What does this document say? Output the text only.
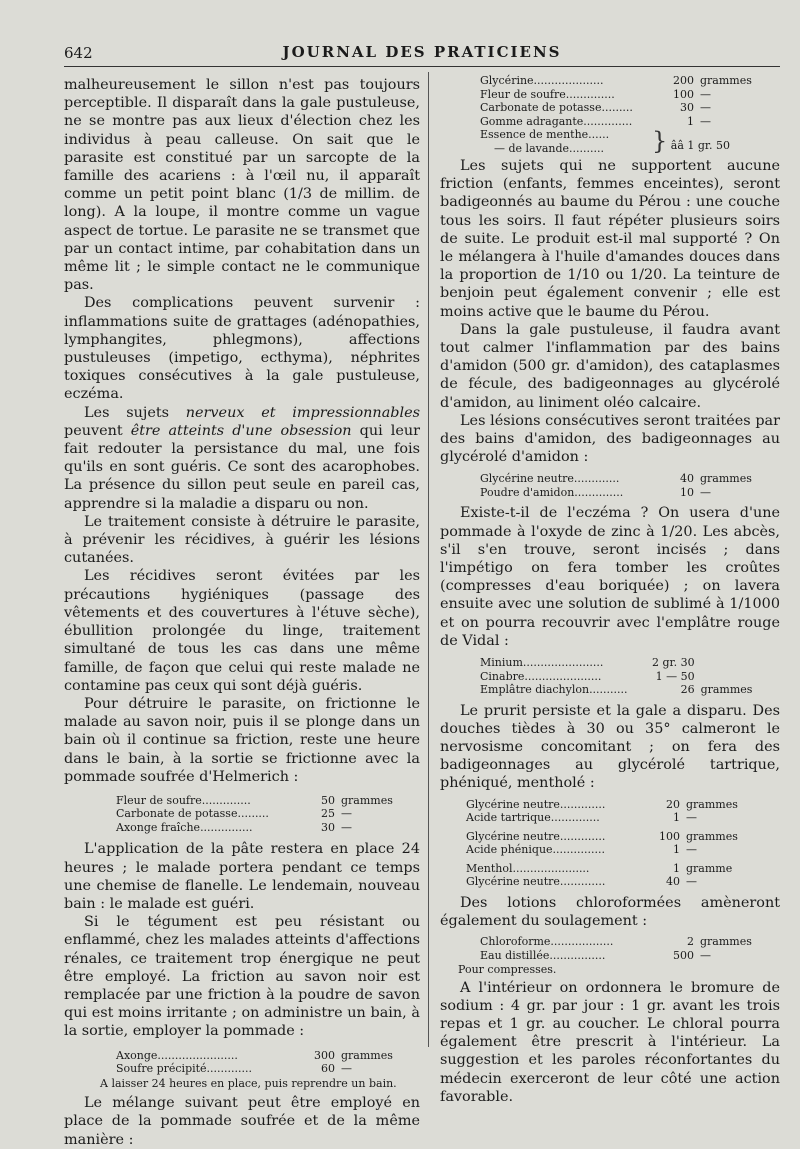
642	JOURNAL DES PRATICIENS

malheureusement le sillon n'est pas toujours perceptible. Il disparaît dans la gale pustuleuse, ne se montre pas aux lieux d'élection chez les individus à peau calleuse. On sait que le parasite est constitué par un sarcopte de la famille des acariens : à l'œil nu, il apparaît comme un petit point blanc (1/3 de millim. de long). A la loupe, il montre comme un vague aspect de tortue. Le parasite ne se transmet que par un contact intime, par cohabitation dans un même lit ; le simple contact ne le communique pas.

Des complications peuvent survenir : inflammations suite de grattages (adénopathies, lymphangites, phlegmons), affections pustuleuses (impetigo, ecthyma), néphrites toxiques consécutives à la gale pustuleuse, eczéma.

Les sujets nerveux et impressionnables peuvent être atteints d'une obsession qui leur fait redouter la persistance du mal, une fois qu'ils en sont guéris. Ce sont des acarophobes. La présence du sillon peut seule en pareil cas, apprendre si la maladie a disparu ou non.

Le traitement consiste à détruire le parasite, à prévenir les récidives, à guérir les lésions cutanées.

Les récidives seront évitées par les précautions hygiéniques (passage des vêtements et des couvertures à l'étuve sèche), ébullition prolongée du linge, traitement simultané de tous les cas dans une même famille, de façon que celui qui reste malade ne contamine pas ceux qui sont déjà guéris.

Pour détruire le parasite, on frictionne le malade au savon noir, puis il se plonge dans un bain où il continue sa friction, reste une heure dans le bain, à la sortie se frictionne avec la pommade soufrée d'Helmerich :

Fleur de soufre..............	50	grammes
Carbonate de potasse.........	25	—
Axonge fraîche...............	30	—

L'application de la pâte restera en place 24 heures ; le malade portera pendant ce temps une chemise de flanelle. Le lendemain, nouveau bain : le malade est guéri.

Si le tégument est peu résistant ou enflammé, chez les malades atteints d'affections rénales, ce traitement trop énergique ne peut être employé. La friction au savon noir est remplacée par une friction à la poudre de savon qui est moins irritante ; on administre un bain, à la sortie, employer la pommade :

Axonge.......................	300	grammes
Soufre précipité.............	60	—
A laisser 24 heures en place, puis reprendre un bain.

Le mélange suivant peut être employé en place de la pommade soufrée et de la même manière :

Glycérine....................	200	grammes
Fleur de soufre..............	100	—
Carbonate de potasse.........	30	—
Gomme adragante..............	1	—

Essence de menthe......
— de lavande..........	} ââ 1 gr. 50	

Les sujets qui ne supportent aucune friction (enfants, femmes enceintes), seront badigeonnés au baume du Pérou : une couche tous les soirs. Il faut répéter plusieurs soirs de suite. Le produit est-il mal supporté ? On le mélangera à l'huile d'amandes douces dans la proportion de 1/10 ou 1/20. La teinture de benjoin peut également convenir ; elle est moins active que le baume du Pérou.

Dans la gale pustuleuse, il faudra avant tout calmer l'inflammation par des bains d'amidon (500 gr. d'amidon), des cataplasmes de fécule, des badigeonnages au glycérolé d'amidon, au liniment oléo calcaire.

Les lésions consécutives seront traitées par des bains d'amidon, des badigeonnages au glycérolé d'amidon :

Glycérine neutre.............	40	grammes
Poudre d'amidon..............	10	—

Existe-t-il de l'eczéma ? On usera d'une pommade à l'oxyde de zinc à 1/20. Les abcès, s'il s'en trouve, seront incisés ; dans l'impétigo on fera tomber les croûtes (compresses d'eau boriquée) ; on lavera ensuite avec une solution de sublimé à 1/1000 et on pourra recouvrir avec l'emplâtre rouge de Vidal :

Minium.......................	2 gr. 30	
Cinabre......................	1 — 50	
Emplâtre diachylon...........	26	grammes

Le prurit persiste et la gale a disparu. Des douches tièdes à 30 ou 35° calmeront le nervosisme concomitant ; on fera des badigeonnages au glycérolé tartrique, phéniqué, mentholé :

Glycérine neutre.............	20	grammes
Acide tartrique..............	1	—
Glycérine neutre.............	100	grammes
Acide phénique...............	1	—
Menthol......................	1	gramme
Glycérine neutre.............	40	—

Des lotions chloroformées amèneront également du soulagement :

Chloroforme..................	2	grammes
Eau distillée................	500	—
Pour compresses.

A l'intérieur on ordonnera le bromure de sodium : 4 gr. par jour : 1 gr. avant les trois repas et 1 gr. au coucher. Le chloral pourra également être prescrit à l'intérieur. La suggestion et les paroles réconfortantes du médecin exerceront de leur côté une action favorable.
